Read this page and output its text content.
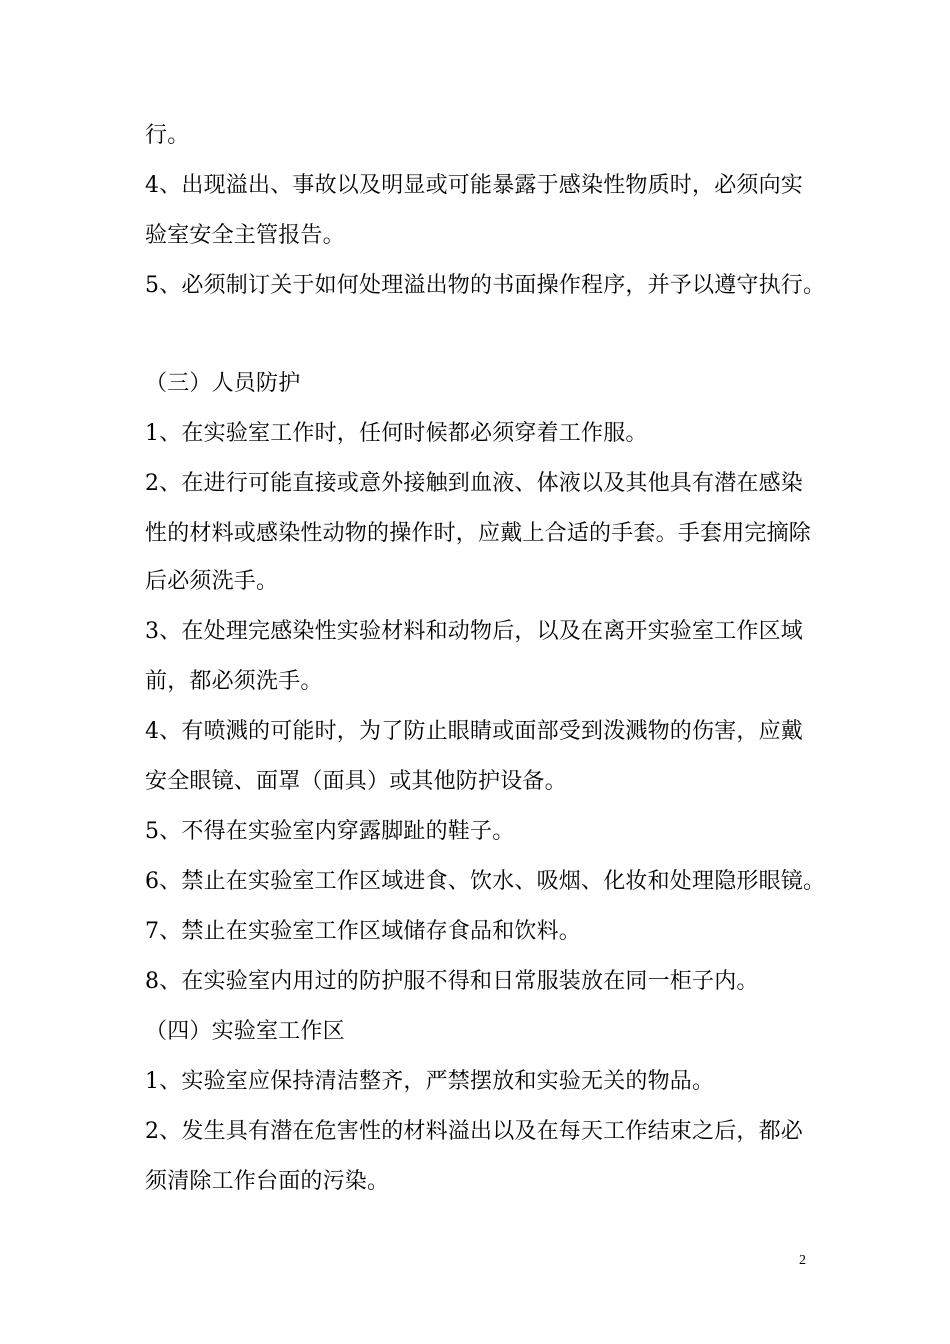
行。
4、出现溢出、事故以及明显或可能暴露于感染性物质时，必须向实
验室安全主管报告。
5、必须制订关于如何处理溢出物的书面操作程序，并予以遵守执行。
（三）人员防护
1、在实验室工作时，任何时候都必须穿着工作服。
2、在进行可能直接或意外接触到血液、体液以及其他具有潜在感染
性的材料或感染性动物的操作时，应戴上合适的手套。手套用完摘除
后必须洗手。
3、在处理完感染性实验材料和动物后，以及在离开实验室工作区域
前，都必须洗手。
4、有喷溅的可能时，为了防止眼睛或面部受到泼溅物的伤害，应戴
安全眼镜、面罩（面具）或其他防护设备。
5、不得在实验室内穿露脚趾的鞋子。
6、禁止在实验室工作区域进食、饮水、吸烟、化妆和处理隐形眼镜。
7、禁止在实验室工作区域储存食品和饮料。
8、在实验室内用过的防护服不得和日常服装放在同一柜子内。
（四）实验室工作区
1、实验室应保持清洁整齐，严禁摆放和实验无关的物品。
2、发生具有潜在危害性的材料溢出以及在每天工作结束之后，都必
须清除工作台面的污染。
2
